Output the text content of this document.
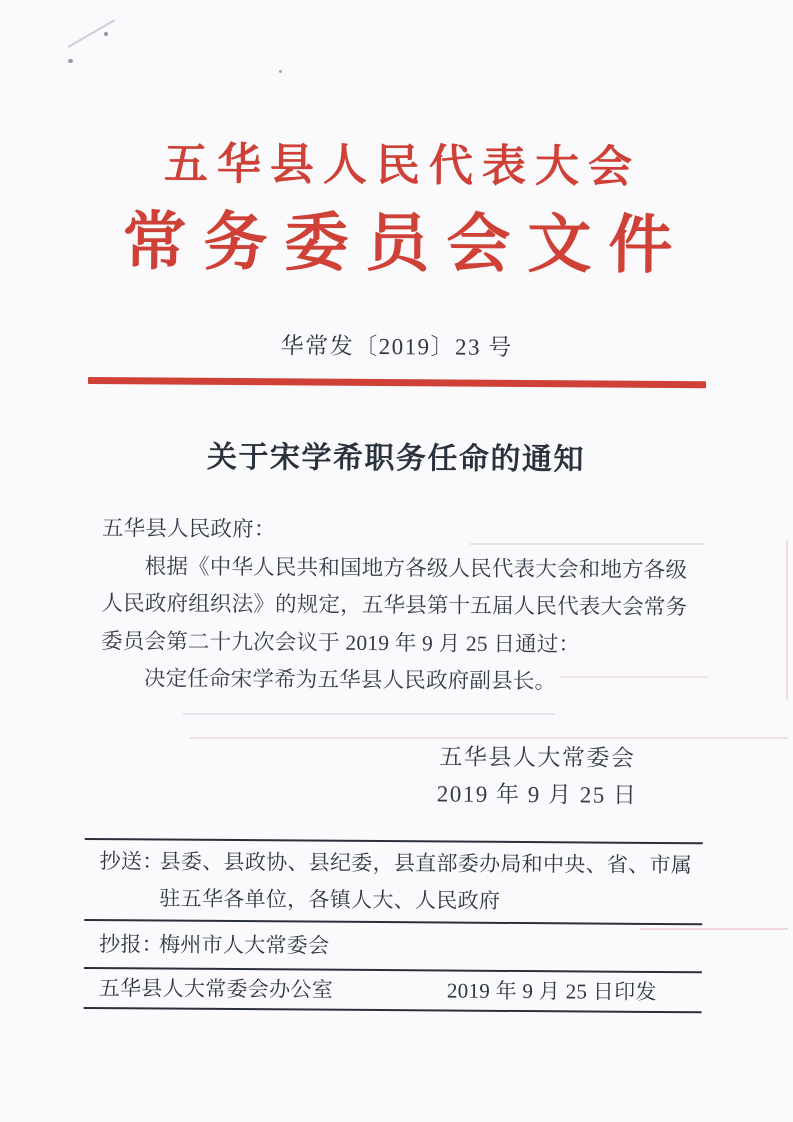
五华县人民代表大会
常务委员会文件
华常发〔2019〕23 号
关于宋学希职务任命的通知
五华县人民政府：
根据《中华人民共和国地方各级人民代表大会和地方各级
人民政府组织法》的规定，五华县第十五届人民代表大会常务
委员会第二十九次会议于 2019 年 9 月 25 日通过：
决定任命宋学希为五华县人民政府副县长。
五华县人大常委会
2019 年 9 月 25 日
抄送：
县委、县政协、县纪委，县直部委办局和中央、省、市属
驻五华各单位，各镇人大、人民政府
抄报：
梅州市人大常委会
五华县人大常委会办公室	2019 年 9 月 25 日印发
